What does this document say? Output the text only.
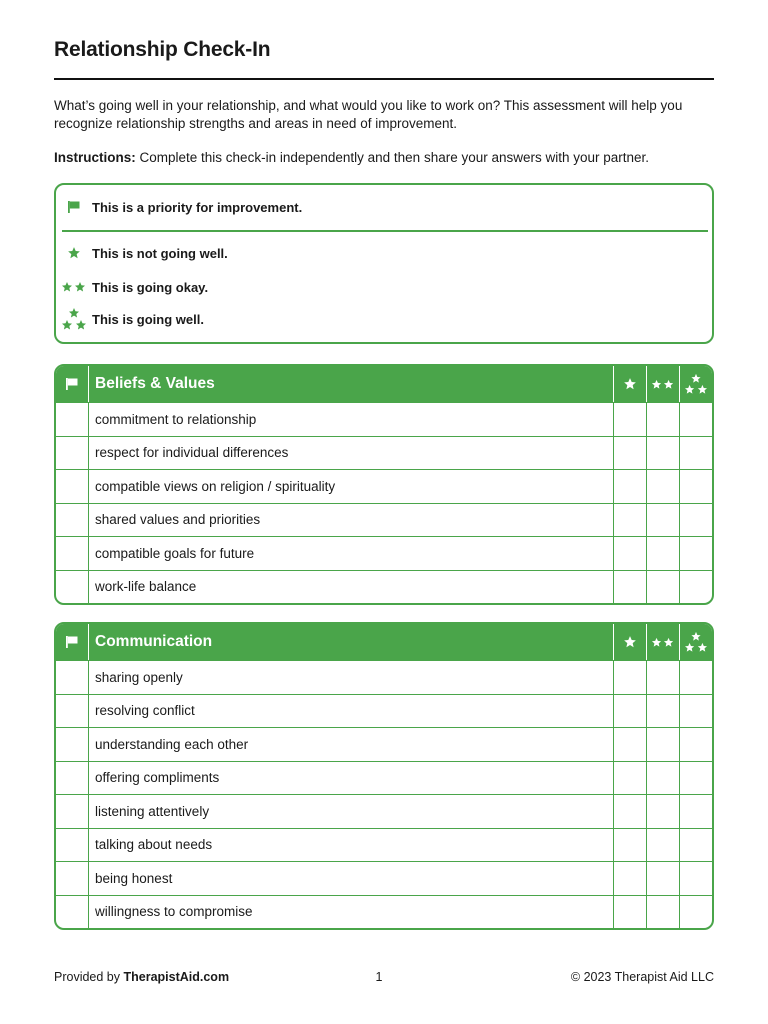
Relationship Check-In
What’s going well in your relationship, and what would you like to work on? This assessment will help you recognize relationship strengths and areas in need of improvement.
Instructions: Complete this check-in independently and then share your answers with your partner.
This is a priority for improvement.
This is not going well.
This is going okay.
This is going well.
Beliefs & Values
commitment to relationship
respect for individual differences
compatible views on religion / spirituality
shared values and priorities
compatible goals for future
work-life balance
Communication
sharing openly
resolving conflict
understanding each other
offering compliments
listening attentively
talking about needs
being honest
willingness to compromise
Provided by TherapistAid.com	1	© 2023 Therapist Aid LLC
